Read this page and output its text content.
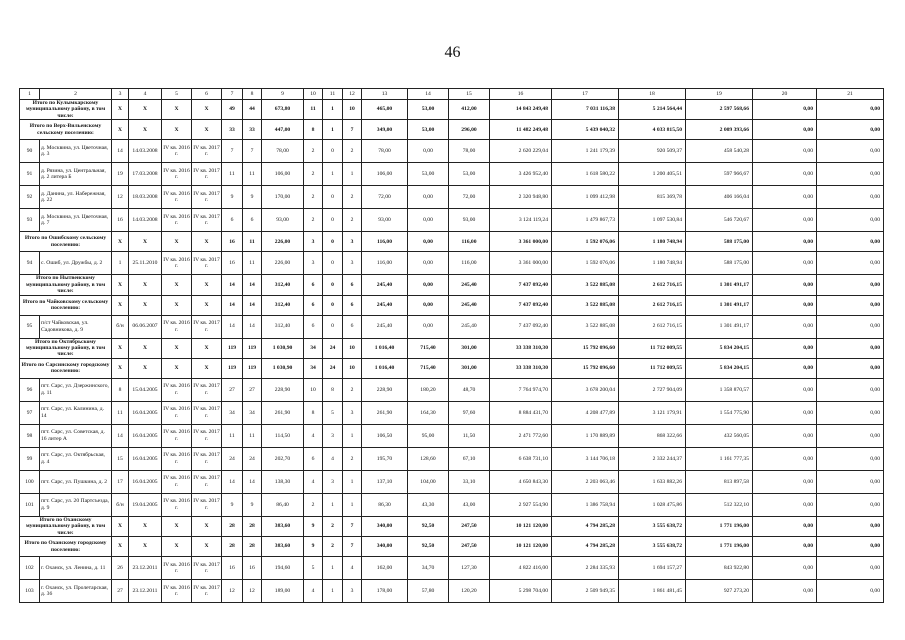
46
1	2	3	4	5	6	7	8	9	10	11	12	13	14	15	16	17	18	19	20	21
Итого по Кулымкарскому муниципальному району, в том числе:		X	X	X	X	49	44	673,80	11	1	10	465,00	53,00	412,00	14 843 249,48	7 031 116,38	5 214 564,44	2 597 568,66	0,00	0,00
Итого по Верх-Вильенскому сельскому поселению:		X	X	X	X	33	33	447,00	8	1	7	349,00	53,00	296,00	11 482 249,48	5 439 040,32	4 033 815,50	2 009 393,66	0,00	0,00
90	д. Москвина, ул. Цветочная, д. 3	14	14.03.2008	IV кв. 2016 г.	IV кв. 2017 г.	7	7	78,00	2	0	2	78,00	0,00	78,00	2 620 229,04	1 241 179,39	920 509,37	458 540,28	0,00	0,00
91	д. Рязина, ул. Центральная, д. 2 литера Б	19	17.03.2008	IV кв. 2016 г.	IV кв. 2017 г.	11	11	106,00	2	1	1	106,00	53,00	53,00	3 426 952,40	1 618 580,22	1 200 405,51	597 966,67	0,00	0,00
92	д. Данина, ул. Набережная, д. 22	12	18.03.2008	IV кв. 2016 г.	IV кв. 2017 г.	9	9	170,00	2	0	2	72,00	0,00	72,00	2 320 948,80	1 099 412,98	815 369,78	406 166,04	0,00	0,00
93	д. Москвина, ул. Цветочная, д. 7	16	14.03.2008	IV кв. 2016 г.	IV кв. 2017 г.	6	6	93,00	2	0	2	93,00	0,00	93,00	3 124 119,24	1 479 867,73	1 097 530,84	546 720,67	0,00	0,00
Итого по Ошибскому сельскому поселению:		X	X	X	X	16	11	226,00	3	0	3	116,00	0,00	116,00	3 361 000,00	1 592 076,06	1 180 748,94	588 175,00	0,00	0,00
94	с. Ошиб, ул. Дружбы, д. 2	1	25.11.2010	IV кв. 2016 г.	IV кв. 2017 г.	16	11	226,00	3	0	3	116,00	0,00	116,00	3 361 000,00	1 592 076,06	1 180 748,94	588 175,00	0,00	0,00
Итого по Нытвенскому муниципальному району, в том числе:		X	X	X	X	14	14	312,40	6	0	6	245,40	0,00	245,40	7 437 092,40	3 522 885,08	2 612 716,15	1 301 491,17	0,00	0,00
Итого по Чайковскому сельскому поселению:		X	X	X	X	14	14	312,40	6	0	6	245,40	0,00	245,40	7 437 092,40	3 522 885,08	2 612 716,15	1 301 491,17	0,00	0,00
95	п/ст Чайковская, ул. Садовникова, д. 9	б/н	06.06.2007	IV кв. 2016 г.	IV кв. 2017 г.	14	14	312,40	6	0	6	245,40	0,00	245,40	7 437 092,40	3 522 885,08	2 612 716,15	1 301 491,17	0,00	0,00
Итого по Октябрьскому муниципальному району, в том числе:		X	X	X	X	119	119	1 030,90	34	24	10	1 016,40	715,40	301,00	33 338 310,30	15 792 096,60	11 712 009,55	5 834 204,15	0,00	0,00
Итого по Сарсинскому городскому поселению:		X	X	X	X	119	119	1 030,90	34	24	10	1 016,40	715,40	301,00	33 338 310,30	15 792 096,60	11 712 009,55	5 834 204,15	0,00	0,00
96	пгт. Сарс, ул. Дзержинского, д. 11	8	15.04.2005	IV кв. 2016 г.	IV кв. 2017 г.	27	27	228,90	10	8	2	228,90	180,20	48,70	7 764 974,70	3 678 200,04	2 727 904,09	1 358 870,57	0,00	0,00
97	пгт. Сарс, ул. Калинина, д. 14	11	16.04.2005	IV кв. 2016 г.	IV кв. 2017 г.	34	34	261,90	8	5	3	261,90	164,30	97,60	8 884 431,70	4 208 477,89	3 121 179,91	1 554 775,90	0,00	0,00
98	пгт. Сарс, ул. Советская, д. 16 литер А	14	16.04.2005	IV кв. 2016 г.	IV кв. 2017 г.	11	11	114,50	4	3	1	106,50	95,00	11,50	2 471 772,60	1 170 889,89	868 322,66	432 560,05	0,00	0,00
99	пгт. Сарс, ул. Октябрьская, д. 4	15	16.04.2005	IV кв. 2016 г.	IV кв. 2017 г.	24	24	202,70	6	4	2	195,70	128,60	67,10	6 638 731,10	3 144 706,18	2 332 244,37	1 161 777,35	0,00	0,00
100	пгт. Сарс, ул. Пушкина, д. 2	17	16.04.2005	IV кв. 2016 г.	IV кв. 2017 г.	14	14	138,30	4	3	1	137,10	104,00	33,10	4 650 843,30	2 203 063,46	1 633 882,26	813 897,58	0,00	0,00
101	пгт. Сарс, ул. 20 Партсъезда, д. 9	б/н	19.04.2005	IV кв. 2016 г.	IV кв. 2017 г.	9	9	86,40	2	1	1	86,30	43,30	43,00	2 927 554,90	1 386 758,94	1 028 475,86	512 322,10	0,00	0,00
Итого по Оханскому муниципальному району, в том числе:		X	X	X	X	28	28	383,60	9	2	7	340,00	92,50	247,50	10 121 120,00	4 794 285,28	3 555 638,72	1 771 196,00	0,00	0,00
Итого по Оханскому городскому поселению:		X	X	X	X	28	28	383,60	9	2	7	340,00	92,50	247,50	10 121 120,00	4 794 285,28	3 555 638,72	1 771 196,00	0,00	0,00
102	г. Оханск, ул. Ленина, д. 11	26	23.12.2011	IV кв. 2016 г.	IV кв. 2017 г.	16	16	194,60	5	1	4	162,00	34,70	127,30	4 822 416,00	2 284 335,93	1 694 157,27	843 922,80	0,00	0,00
103	г. Оханск, ул. Пролетарская, д. 36	27	23.12.2011	IV кв. 2016 г.	IV кв. 2017 г.	12	12	189,00	4	1	3	178,00	57,80	120,20	5 298 704,00	2 509 949,35	1 861 481,45	927 273,20	0,00	0,00
